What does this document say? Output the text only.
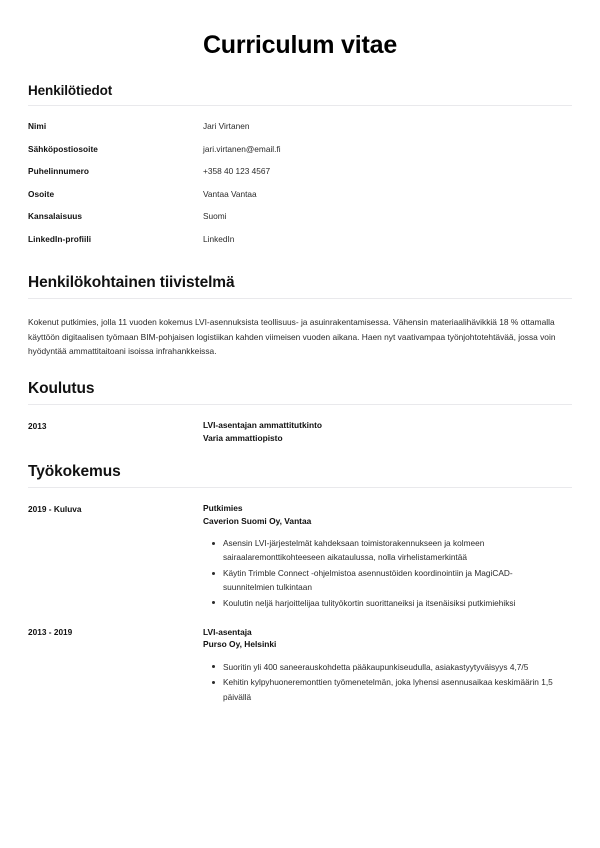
Curriculum vitae
Henkilötiedot
Nimi	Jari Virtanen
Sähköpostiosoite	jari.virtanen@email.fi
Puhelinnumero	+358 40 123 4567
Osoite	Vantaa Vantaa
Kansalaisuus	Suomi
LinkedIn-profiili	LinkedIn
Henkilökohtainen tiivistelmä

Kokenut putkimies, jolla 11 vuoden kokemus LVI-asennuksista teollisuus- ja asuinrakentamisessa. Vähensin materiaalihävikkiä 18 % ottamalla käyttöön digitaalisen työmaan BIM-pohjaisen logistiikan kahden viimeisen vuoden aikana. Haen nyt vaativampaa työnjohtotehtävää, jossa voin hyödyntää ammattitaitoani isoissa infrahankkeissa.

Koulutus
2013	LVI-asentajan ammattitutkinto
Varia ammattiopisto
Työkokemus
2019 - Kuluva	Putkimies
Caverion Suomi Oy, Vantaa
Asensin LVI-järjestelmät kahdeksaan toimistorakennukseen ja kolmeen sairaalaremonttikohteeseen aikataulussa, nolla virhelistamerkintää
Käytin Trimble Connect -ohjelmistoa asennustöiden koordinointiin ja MagiCAD-suunnitelmien tulkintaan
Koulutin neljä harjoittelijaa tulityökortin suorittaneiksi ja itsenäisiksi putkimiehiksi
2013 - 2019	LVI-asentaja
Purso Oy, Helsinki
Suoritin yli 400 saneerauskohdetta pääkaupunkiseudulla, asiakastyytyväisyys 4,7/5
Kehitin kylpyhuoneremonttien työmenetelmän, joka lyhensi asennusaikaa keskimäärin 1,5 päivällä
